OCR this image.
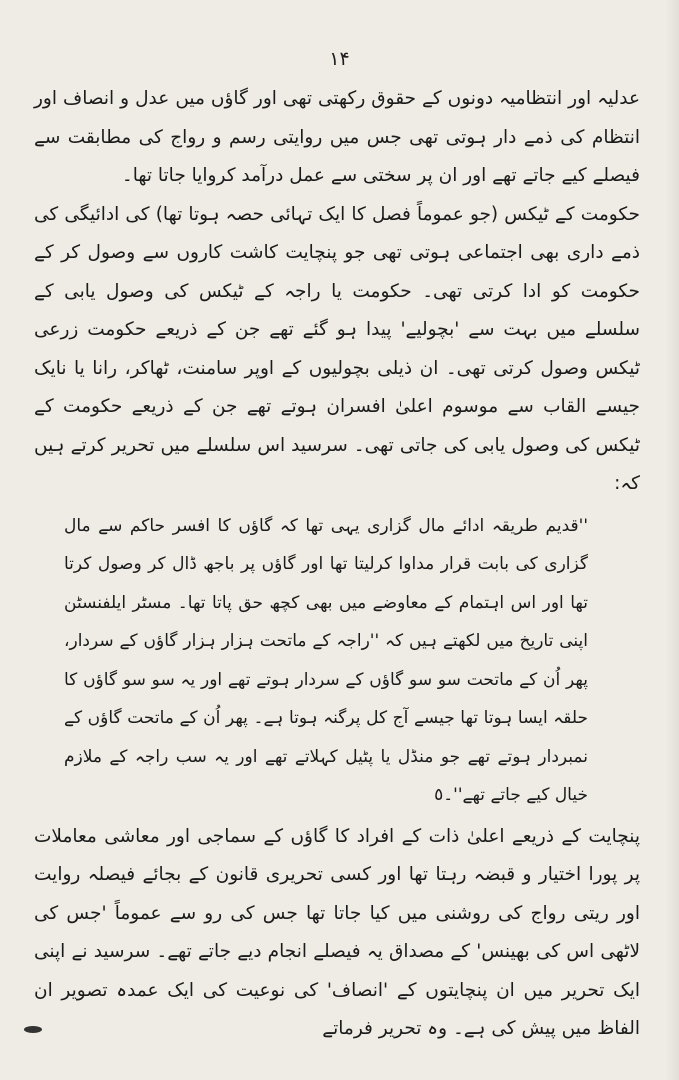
۱۴

عدلیہ اور انتظامیہ دونوں کے حقوق رکھتی تھی اور گاؤں میں عدل و انصاف اور انتظام کی ذمے دار ہوتی تھی جس میں روایتی رسم و رواج کی مطابقت سے فیصلے کیے جاتے تھے اور ان پر سختی سے عمل درآمد کروایا جاتا تھا۔

حکومت کے ٹیکس (جو عموماً فصل کا ایک تہائی حصہ ہوتا تھا) کی ادائیگی کی ذمے داری بھی اجتماعی ہوتی تھی جو پنچایت کاشت کاروں سے وصول کر کے حکومت کو ادا کرتی تھی۔ حکومت یا راجہ کے ٹیکس کی وصول یابی کے سلسلے میں بہت سے 'بچولیے' پیدا ہو گئے تھے جن کے ذریعے حکومت زرعی ٹیکس وصول کرتی تھی۔ ان ذیلی بچولیوں کے اوپر سامنت، ٹھاکر، رانا یا نایک جیسے القاب سے موسوم اعلیٰ افسران ہوتے تھے جن کے ذریعے حکومت کے ٹیکس کی وصول یابی کی جاتی تھی۔ سرسید اس سلسلے میں تحریر کرتے ہیں کہ:

''قدیم طریقہ ادائے مال گزاری یہی تھا کہ گاؤں کا افسر حاکم سے مال گزاری کی بابت قرار مداوا کرلیتا تھا اور گاؤں پر باجھ ڈال کر وصول کرتا تھا اور اس اہتمام کے معاوضے میں بھی کچھ حق پاتا تھا۔ مسٹر ایلفنسٹن اپنی تاریخ میں لکھتے ہیں کہ ''راجہ کے ماتحت ہزار ہزار گاؤں کے سردار، پھر اُن کے ماتحت سو سو گاؤں کے سردار ہوتے تھے اور یہ سو سو گاؤں کا حلقہ ایسا ہوتا تھا جیسے آج کل پرگنہ ہوتا ہے۔ پھر اُن کے ماتحت گاؤں کے نمبردار ہوتے تھے جو منڈل یا پٹیل کہلاتے تھے اور یہ سب راجہ کے ملازم خیال کیے جاتے تھے''۔٥

پنچایت کے ذریعے اعلیٰ ذات کے افراد کا گاؤں کے سماجی اور معاشی معاملات پر پورا اختیار و قبضہ رہتا تھا اور کسی تحریری قانون کے بجائے فیصلہ روایت اور ریتی رواج کی روشنی میں کیا جاتا تھا جس کی رو سے عموماً 'جس کی لاٹھی اس کی بھینس' کے مصداق یہ فیصلے انجام دیے جاتے تھے۔ سرسید نے اپنی ایک تحریر میں ان پنچایتوں کے 'انصاف' کی نوعیت کی ایک عمدہ تصویر ان الفاظ میں پیش کی ہے۔ وہ تحریر فرماتے
